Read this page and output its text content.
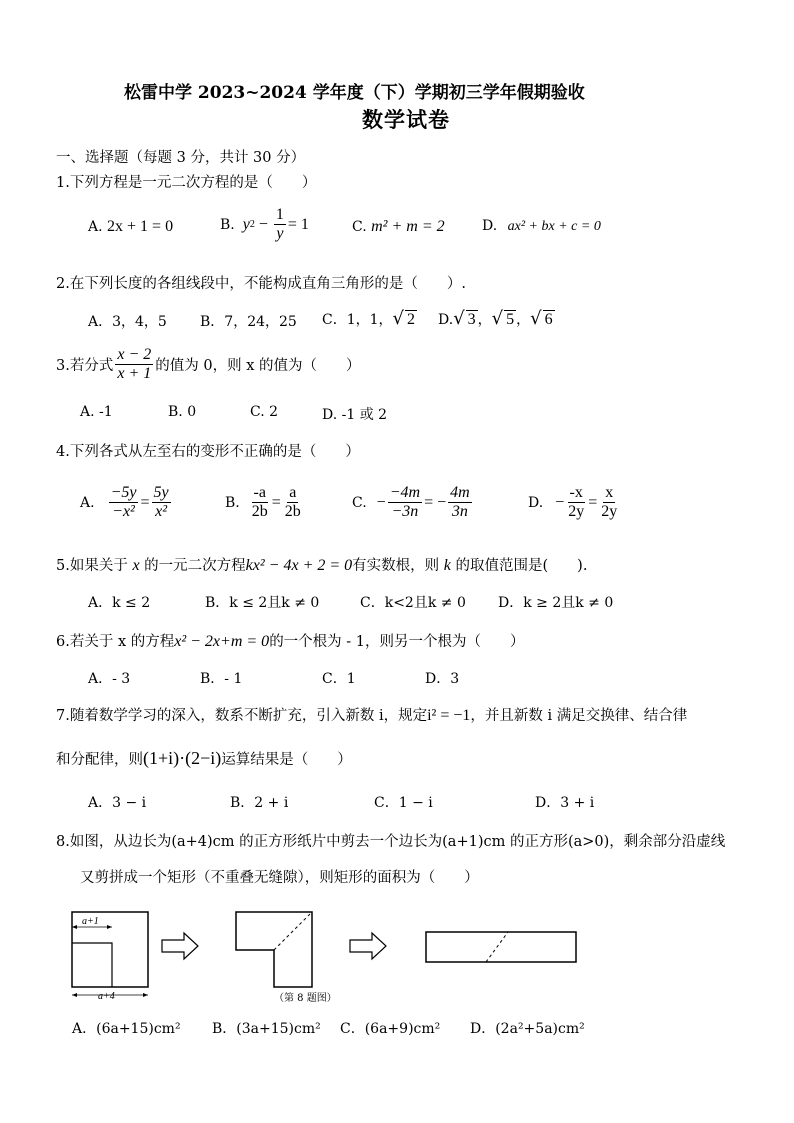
松雷中学 2023~2024 学年度（下）学期初三学年假期验收
数学试卷
一、选择题（每题 3 分，共计 30 分）
1.下列方程是一元二次方程的是（　　）
A. 2x + 1 = 0	B. y $2 - \frac{1}{y} = 1$	C. m² + m = 2	D. ax² + bx + c = 0
2.在下列长度的各组线段中，不能构成直角三角形的是（　　）.
A．3，4，5 B．7，24，25 C．1，1，√ 2 D.√ 3 ，√ 5 ，√ 6
3.若分式 $\frac{x - 2}{x + 1}$ 的值为 0，则 x 的值为（　　）
A. -1	B. 0	C. 2	D. -1 或 2
4.下列各式从左至右的变形不正确的是（　　）
A. $\frac{-5y}{\text{−x²}} = \frac{5y}{\text{x²}}$	B. $\frac{-a}{2b} = \frac{a}{2b}$	C. − $\frac{-4m}{-3n}$ = − $\frac{4m}{3n}$	D. − $\frac{-x}{2y} = \frac{x}{2y}$
5.如果关于 x 的一元二次方程kx² − 4x + 2 = 0有实数根，则 k 的取值范围是(　　).
A．k ≤ 2	B．k ≤ 2且k ≠ 0	C．k<2且k ≠ 0 D．k ≥ 2且k ≠ 0
6.若关于 x 的方程x² − 2x+m = 0的一个根为 - 1，则另一个根为（　　）
A．- 3	B．- 1	C．1	D．3
7.随着数学学习的深入，数系不断扩充，引入新数 i，规定i² = −1，并且新数 i 满足交换律、结合律
和分配律，则(1+i)·(2−i)运算结果是（　　）
A．3 − i	B．2 + i	C．1 − i	D．3 + i
8.如图，从边长为(a+4)cm 的正方形纸片中剪去一个边长为(a+1)cm 的正方形(a>0)，剩余部分沿虚线
又剪拼成一个矩形（不重叠无缝隙），则矩形的面积为（　　）
a+1
a+4	（第 8 题图）
A．(6a+15)cm² B．(3a+15)cm² C．(6a+9)cm² D．(2a²+5a)cm²
